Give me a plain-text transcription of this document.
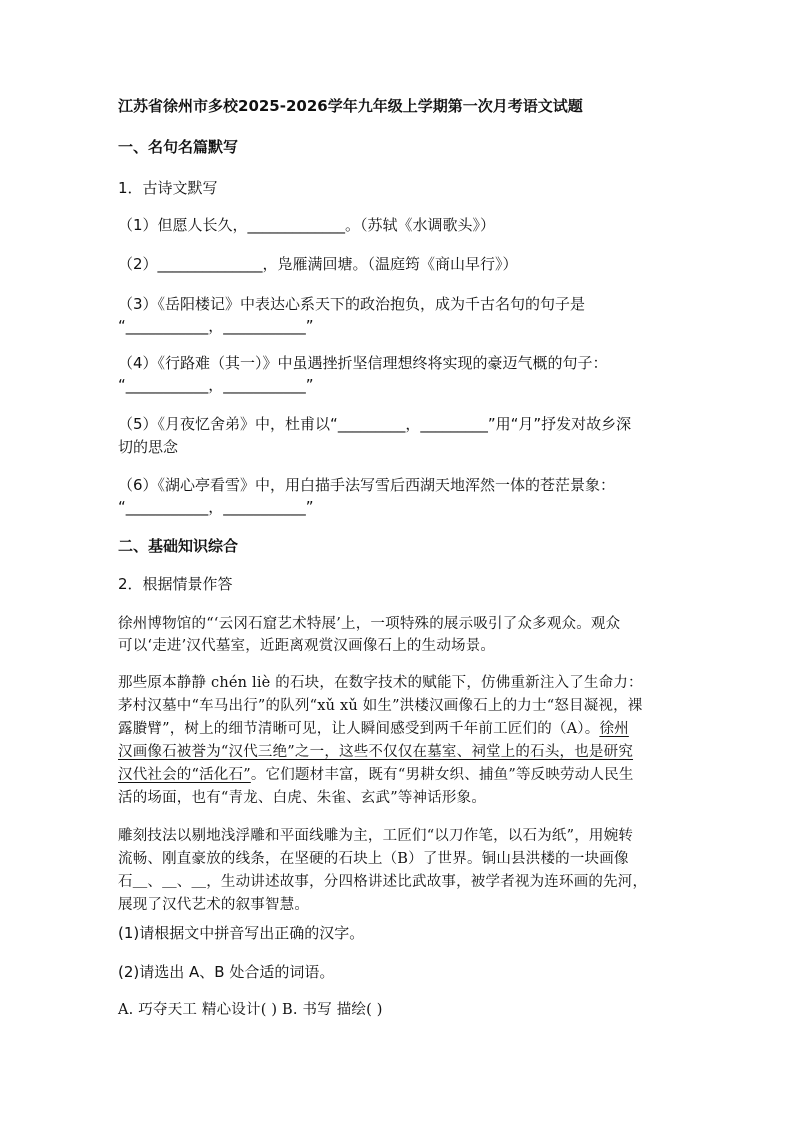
江苏省徐州市多校2025-2026学年九年级上学期第一次月考语文试题
一、名句名篇默写
1．古诗文默写
（1）但愿人长久，_____________。（苏轼《水调歌头》）
（2）______________，凫雁满回塘。（温庭筠《商山早行》）
（3）《岳阳楼记》中表达心系天下的政治抱负，成为千古名句的句子是
“___________，___________”
（4）《行路难（其一）》中虽遇挫折坚信理想终将实现的豪迈气概的句子：
“___________，___________”
（5）《月夜忆舍弟》中，杜甫以“_________，_________”用“月”抒发对故乡深
切的思念
（6）《湖心亭看雪》中，用白描手法写雪后西湖天地浑然一体的苍茫景象：
“___________，___________”
二、基础知识综合
2．根据情景作答
徐州博物馆的“‘云冈石窟艺术特展’上，一项特殊的展示吸引了众多观众。观众
可以‘走进’汉代墓室，近距离观赏汉画像石上的生动场景。
那些原本静静 chén liè 的石块，在数字技术的赋能下，仿佛重新注入了生命力：
茅村汉墓中“车马出行”的队列“xǔ xǔ 如生”洪楼汉画像石上的力士“怒目凝视，裸
露賸臂”，树上的细节清晰可见，让人瞬间感受到两千年前工匠们的（A）。徐州
汉画像石被誉为“汉代三绝”之一，这些不仅仅在墓室、祠堂上的石头，也是研究
汉代社会的“活化石”。它们题材丰富，既有“男耕女织、捕鱼”等反映劳动人民生
活的场面，也有“青龙、白虎、朱雀、玄武”等神话形象。
雕刻技法以剔地浅浮雕和平面线雕为主，工匠们“以刀作笔，以石为纸”，用婉转
流畅、刚直豪放的线条，在坚硬的石块上（B）了世界。铜山县洪楼的一块画像
石＿、＿、＿，生动讲述故事，分四格讲述比武故事，被学者视为连环画的先河，
展现了汉代艺术的叙事智慧。
(1)请根据文中拼音写出正确的汉字。
(2)请选出 A、B 处合适的词语。
A. 巧夺天工 精心设计( ) B. 书写 描绘( )
